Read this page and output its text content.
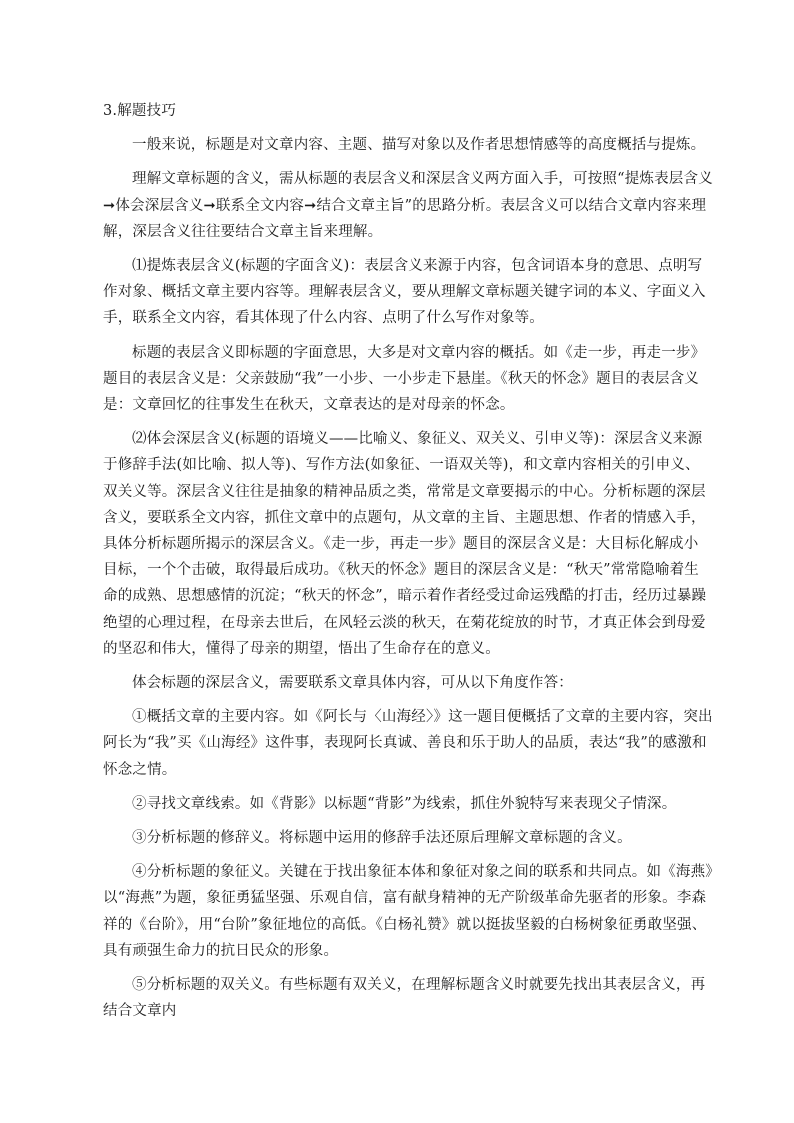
3.解题技巧

一般来说，标题是对文章内容、主题、描写对象以及作者思想情感等的高度概括与提炼。

理解文章标题的含义，需从标题的表层含义和深层含义两方面入手，可按照“提炼表层含义➞体会深层含义➞联系全文内容➞结合文章主旨”的思路分析。表层含义可以结合文章内容来理解，深层含义往往要结合文章主旨来理解。

⑴提炼表层含义(标题的字面含义)：表层含义来源于内容，包含词语本身的意思、点明写作对象、概括文章主要内容等。理解表层含义，要从理解文章标题关键字词的本义、字面义入手，联系全文内容，看其体现了什么内容、点明了什么写作对象等。

标题的表层含义即标题的字面意思，大多是对文章内容的概括。如《走一步，再走一步》题目的表层含义是：父亲鼓励“我”一小步、一小步走下悬崖。《秋天的怀念》题目的表层含义是：文章回忆的往事发生在秋天，文章表达的是对母亲的怀念。

⑵体会深层含义(标题的语境义——比喻义、象征义、双关义、引申义等)：深层含义来源于修辞手法(如比喻、拟人等)、写作方法(如象征、一语双关等)，和文章内容相关的引申义、双关义等。深层含义往往是抽象的精神品质之类，常常是文章要揭示的中心。分析标题的深层含义，要联系全文内容，抓住文章中的点题句，从文章的主旨、主题思想、作者的情感入手，具体分析标题所揭示的深层含义。《走一步，再走一步》题目的深层含义是：大目标化解成小目标，一个个击破，取得最后成功。《秋天的怀念》题目的深层含义是：“秋天”常常隐喻着生命的成熟、思想感情的沉淀；“秋天的怀念”，暗示着作者经受过命运残酷的打击，经历过暴躁绝望的心理过程，在母亲去世后，在风轻云淡的秋天，在菊花绽放的时节，才真正体会到母爱的坚忍和伟大，懂得了母亲的期望，悟出了生命存在的意义。

体会标题的深层含义，需要联系文章具体内容，可从以下角度作答：

①概括文章的主要内容。如《阿长与〈山海经〉》这一题目便概括了文章的主要内容，突出阿长为“我”买《山海经》这件事，表现阿长真诚、善良和乐于助人的品质，表达“我”的感激和怀念之情。

②寻找文章线索。如《背影》以标题“背影”为线索，抓住外貌特写来表现父子情深。

③分析标题的修辞义。将标题中运用的修辞手法还原后理解文章标题的含义。

④分析标题的象征义。关键在于找出象征本体和象征对象之间的联系和共同点。如《海燕》以“海燕”为题，象征勇猛坚强、乐观自信，富有献身精神的无产阶级革命先驱者的形象。李森祥的《台阶》，用“台阶”象征地位的高低。《白杨礼赞》就以挺拔坚毅的白杨树象征勇敢坚强、具有顽强生命力的抗日民众的形象。

⑤分析标题的双关义。有些标题有双关义，在理解标题含义时就要先找出其表层含义，再结合文章内
